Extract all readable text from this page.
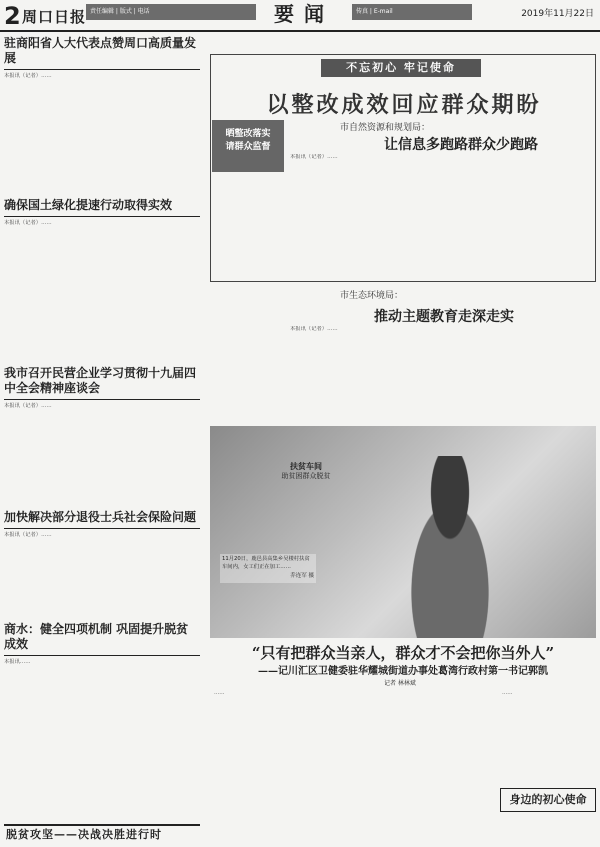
2 周口日报 责任编辑 | 版式 | 电话	要闻	传真 | E-mail	2019年11月22日
驻商阳省人大代表点赞周口高质量发展
本报讯（记者）……
确保国土绿化提速行动取得实效
本报讯（记者）……
我市召开民营企业学习贯彻十九届四中全会精神座谈会
本报讯（记者）……
加快解决部分退役士兵社会保险问题
本报讯（记者）……
商水：健全四项机制 巩固提升脱贫成效
本报讯……
脱贫攻坚——决战决胜进行时
不忘初心 牢记使命
以整改成效回应群众期盼
晒整改落实
请群众监督
市自然资源和规划局：
让信息多跑路群众少跑路
本报讯（记者）……
市生态环境局：
推动主题教育走深走实
本报讯（记者）……
扶贫车间
助贫困群众脱贫
11月20日，鹿邑县高集乡吴楼村扶贫车间内，女工们正在加工……
乔连军 摄
“只有把群众当亲人，群众才不会把你当外人”
——记川汇区卫健委驻华耀城街道办事处葛湾行政村第一书记郭凯
记者 林林斌
……	……
身边的初心使命
